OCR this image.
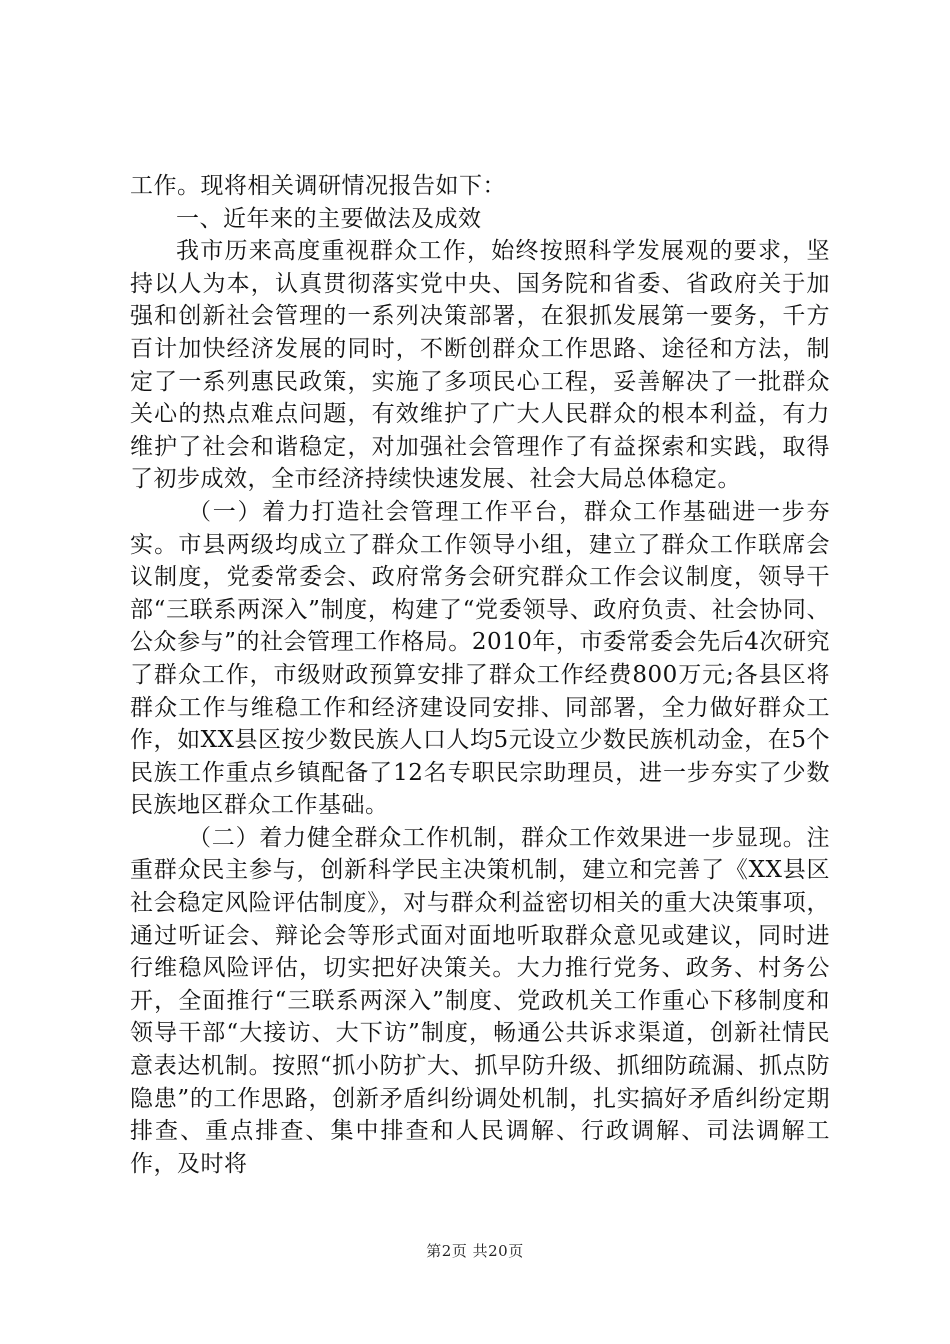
工作。现将相关调研情况报告如下：

一、近年来的主要做法及成效

我市历来高度重视群众工作，始终按照科学发展观的要求，坚持以人为本，认真贯彻落实党中央、国务院和省委、省政府关于加强和创新社会管理的一系列决策部署，在狠抓发展第一要务，千方百计加快经济发展的同时，不断创群众工作思路、途径和方法，制定了一系列惠民政策，实施了多项民心工程，妥善解决了一批群众关心的热点难点问题，有效维护了广大人民群众的根本利益，有力维护了社会和谐稳定，对加强社会管理作了有益探索和实践，取得了初步成效，全市经济持续快速发展、社会大局总体稳定。

（一）着力打造社会管理工作平台，群众工作基础进一步夯实。市县两级均成立了群众工作领导小组，建立了群众工作联席会议制度，党委常委会、政府常务会研究群众工作会议制度，领导干部“三联系两深入”制度，构建了“党委领导、政府负责、社会协同、公众参与”的社会管理工作格局。2010年，市委常委会先后4次研究了群众工作，市级财政预算安排了群众工作经费800万元;各县区将群众工作与维稳工作和经济建设同安排、同部署，全力做好群众工作，如XX县区按少数民族人口人均5元设立少数民族机动金，在5个民族工作重点乡镇配备了12名专职民宗助理员，进一步夯实了少数民族地区群众工作基础。

（二）着力健全群众工作机制，群众工作效果进一步显现。注重群众民主参与，创新科学民主决策机制，建立和完善了《XX县区社会稳定风险评估制度》，对与群众利益密切相关的重大决策事项，通过听证会、辩论会等形式面对面地听取群众意见或建议，同时进行维稳风险评估，切实把好决策关。大力推行党务、政务、村务公开，全面推行“三联系两深入”制度、党政机关工作重心下移制度和领导干部“大接访、大下访”制度，畅通公共诉求渠道，创新社情民意表达机制。按照“抓小防扩大、抓早防升级、抓细防疏漏、抓点防隐患”的工作思路，创新矛盾纠纷调处机制，扎实搞好矛盾纠纷定期排查、重点排查、集中排查和人民调解、行政调解、司法调解工作，及时将

第2页 共20页
